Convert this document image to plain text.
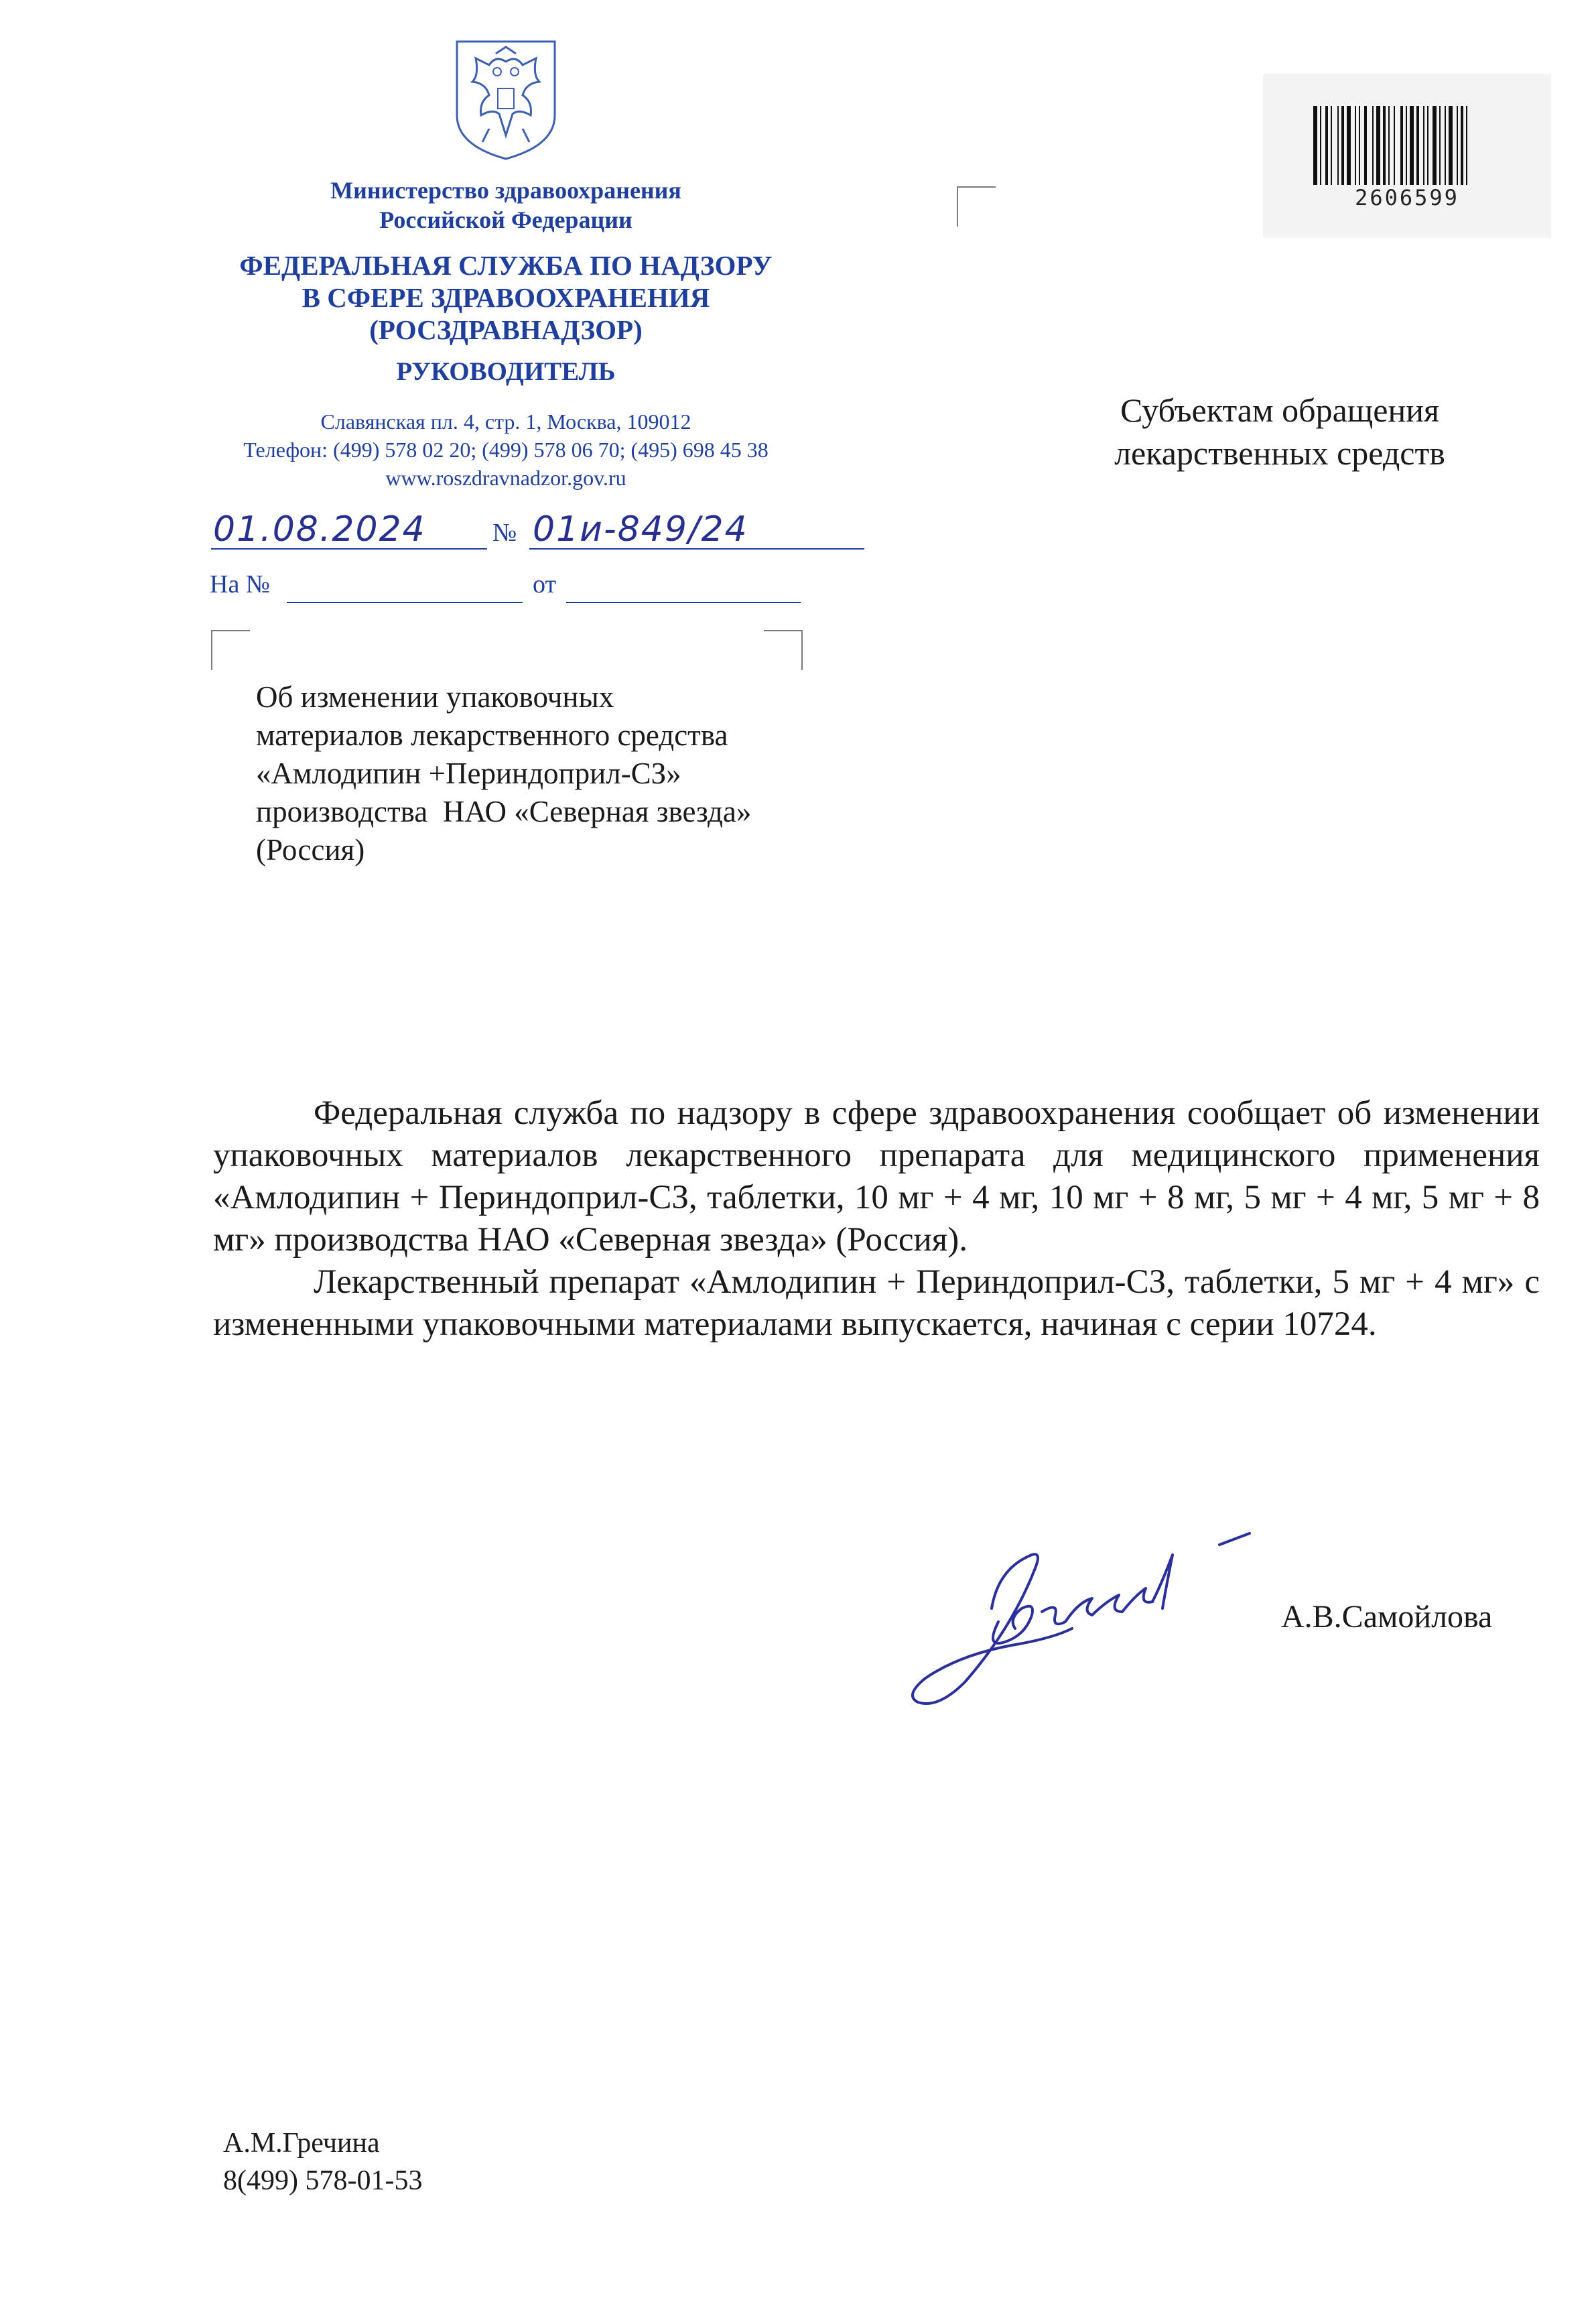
Министерство здравоохранения
Российской Федерации
ФЕДЕРАЛЬНАЯ СЛУЖБА ПО НАДЗОРУ
В СФЕРЕ ЗДРАВООХРАНЕНИЯ
(РОСЗДРАВНАДЗОР)
РУКОВОДИТЕЛЬ
Славянская пл. 4, стр. 1, Москва, 109012
Телефон: (499) 578 02 20; (499) 578 06 70; (495) 698 45 38
www.roszdravnadzor.gov.ru
01.08.2024	№ 01и-849/24
На №	от
2606599
Субъектам обращения
лекарственных средств
Об изменении упаковочных
материалов лекарственного средства
«Амлодипин +Периндоприл-СЗ»
производства  НАО «Северная звезда»
(Россия)

Федеральная служба по надзору в сфере здравоохранения сообщает об изменении упаковочных материалов лекарственного препарата для медицинского применения «Амлодипин + Периндоприл-СЗ, таблетки, 10 мг + 4 мг, 10 мг + 8 мг, 5 мг + 4 мг, 5 мг + 8 мг» производства НАО «Северная звезда» (Россия).

Лекарственный препарат «Амлодипин + Периндоприл-СЗ, таблетки, 5 мг + 4 мг» с измененными упаковочными материалами выпускается, начиная с серии 10724.

А.В.Самойлова
А.М.Гречина
8(499) 578-01-53
